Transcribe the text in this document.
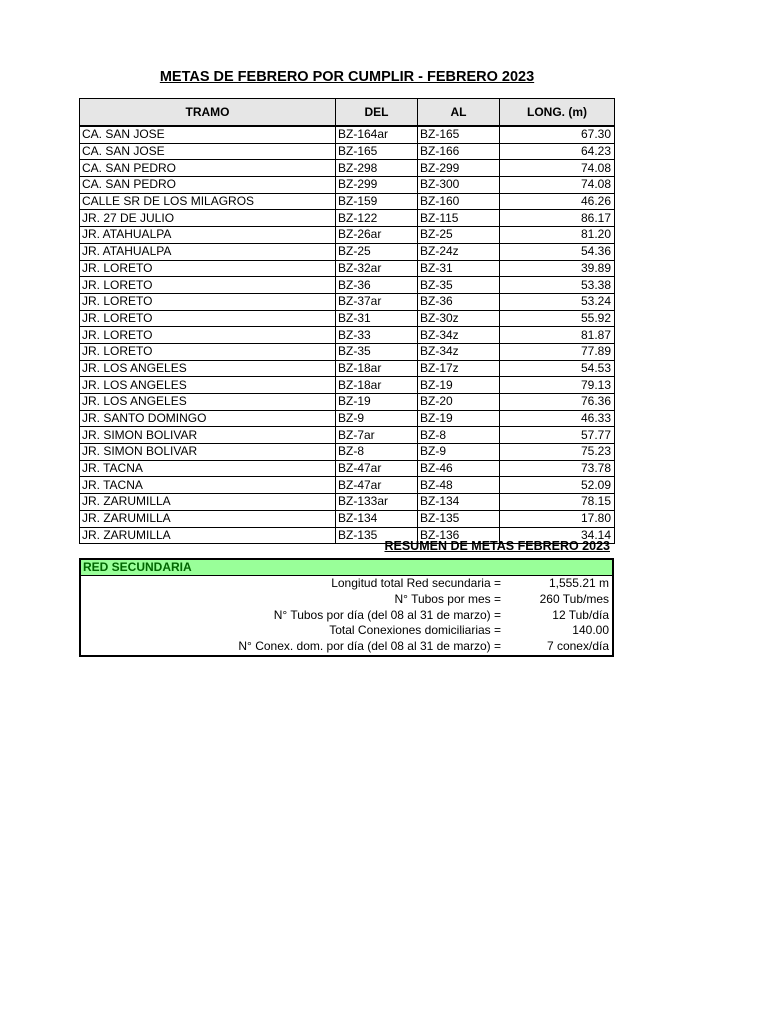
METAS DE FEBRERO POR CUMPLIR - FEBRERO 2023
TRAMO	DEL	AL	LONG. (m)
CA. SAN JOSE	BZ-164ar	BZ-165	67.30
CA. SAN JOSE	BZ-165	BZ-166	64.23
CA. SAN PEDRO	BZ-298	BZ-299	74.08
CA. SAN PEDRO	BZ-299	BZ-300	74.08
CALLE SR DE LOS MILAGROS	BZ-159	BZ-160	46.26
JR. 27 DE JULIO	BZ-122	BZ-115	86.17
JR. ATAHUALPA	BZ-26ar	BZ-25	81.20
JR. ATAHUALPA	BZ-25	BZ-24z	54.36
JR. LORETO	BZ-32ar	BZ-31	39.89
JR. LORETO	BZ-36	BZ-35	53.38
JR. LORETO	BZ-37ar	BZ-36	53.24
JR. LORETO	BZ-31	BZ-30z	55.92
JR. LORETO	BZ-33	BZ-34z	81.87
JR. LORETO	BZ-35	BZ-34z	77.89
JR. LOS ANGELES	BZ-18ar	BZ-17z	54.53
JR. LOS ANGELES	BZ-18ar	BZ-19	79.13
JR. LOS ANGELES	BZ-19	BZ-20	76.36
JR. SANTO DOMINGO	BZ-9	BZ-19	46.33
JR. SIMON BOLIVAR	BZ-7ar	BZ-8	57.77
JR. SIMON BOLIVAR	BZ-8	BZ-9	75.23
JR. TACNA	BZ-47ar	BZ-46	73.78
JR. TACNA	BZ-47ar	BZ-48	52.09
JR. ZARUMILLA	BZ-133ar	BZ-134	78.15
JR. ZARUMILLA	BZ-134	BZ-135	17.80
JR. ZARUMILLA	BZ-135	BZ-136	34.14
RESUMEN DE METAS FEBRERO 2023
RED SECUNDARIA
Longitud total Red secundaria =	1,555.21 m
N° Tubos por mes =	260 Tub/mes
N° Tubos por día (del 08 al 31 de marzo) =	12 Tub/día
Total Conexiones domiciliarias =	140.00
N° Conex. dom. por día (del 08 al 31 de marzo) =	7 conex/día
